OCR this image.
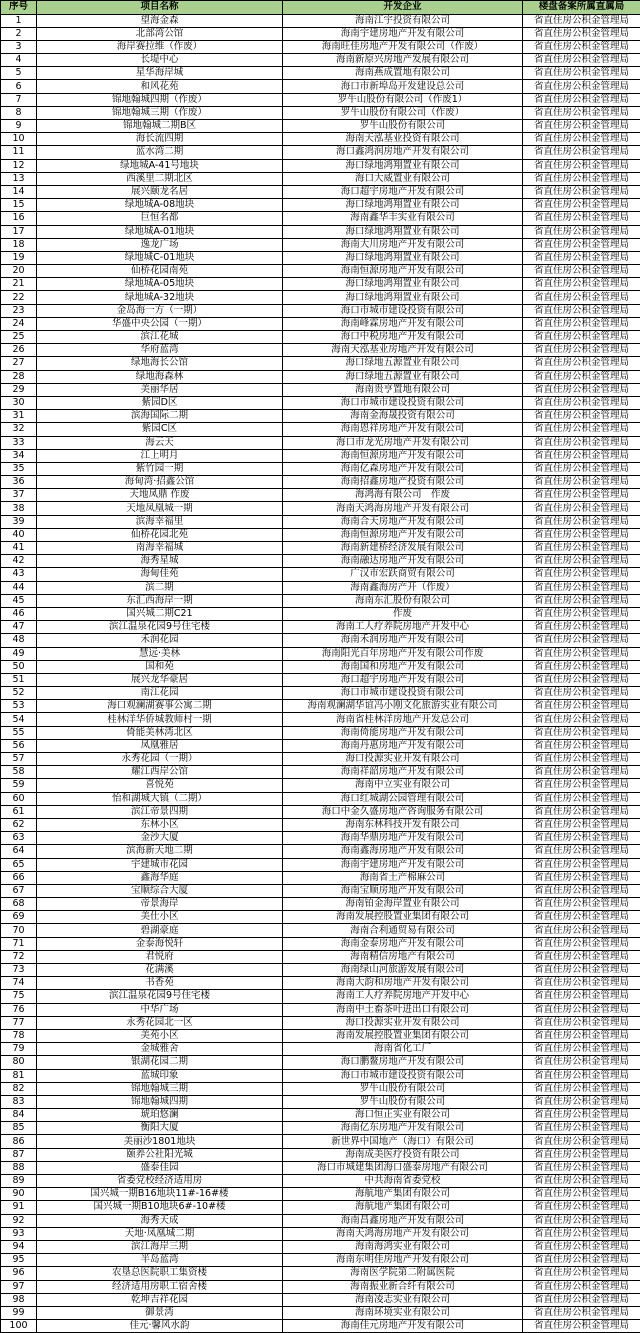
序号	项目名称	开发企业	楼盘备案所属直属局
1	望海金森	海南江宇投资有限公司	省直住房公积金管理局
2	北部湾公馆	海南宇建房地产开发有限公司	省直住房公积金管理局
3	海岸赛拉维（作废）	海南旺佳房地产开发有限公司（作废）	省直住房公积金管理局
4	长堤中心	海南新原兴房地产发展有限公司	省直住房公积金管理局
5	星华海岸城	海南燕成置地有限公司	省直住房公积金管理局
6	和风花苑	海口市新埠岛开发建设总公司	省直住房公积金管理局
7	锦地翰城四期（作废）	罗牛山股份有限公司（作废1）	省直住房公积金管理局
8	锦地翰城三期（作废）	罗牛山股份有限公司（作废）	省直住房公积金管理局
9	锦地翰城二期B区	罗牛山股份有限公司	省直住房公积金管理局
10	海长流四期	海南天泓基业投资有限公司	省直住房公积金管理局
11	蓝水湾二期	海口鑫鸿润房地产开发有限公司	省直住房公积金管理局
12	绿地城A-41号地块	海口绿地鸿翔置业有限公司	省直住房公积金管理局
13	西溪里二期北区	海口大威置业有限公司	省直住房公积金管理局
14	展兴颐龙名居	海口超宇房地产开发有限公司	省直住房公积金管理局
15	绿地城A-08地块	海口绿地鸿翔置业有限公司	省直住房公积金管理局
16	巨恒名都	海南鑫华丰实业有限公司	省直住房公积金管理局
17	绿地城A-01地块	海口绿地鸿翔置业有限公司	省直住房公积金管理局
18	逸龙广场	海南大川房地产开发有限公司	省直住房公积金管理局
19	绿地城C-01地块	海口绿地鸿翔置业有限公司	省直住房公积金管理局
20	仙桥花园南苑	海南恒源房地产开发有限公司	省直住房公积金管理局
21	绿地城A-05地块	海口绿地鸿翔置业有限公司	省直住房公积金管理局
22	绿地城A-32地块	海口绿地鸿翔置业有限公司	省直住房公积金管理局
23	金岛海一方（一期）	海口市城市建设投资有限公司	省直住房公积金管理局
24	华盛中央公园（一期）	海南峰霖房地产开发有限公司	省直住房公积金管理局
25	滨江花城	海口中税房地产开发有限公司	省直住房公积金管理局
26	华府蓝湾	海南天泓基业房地产开发有限公司	省直住房公积金管理局
27	绿地海长公馆	海口绿地五源置业有限公司	省直住房公积金管理局
28	绿地海森林	海口绿地五源置业有限公司	省直住房公积金管理局
29	美丽华居	海南贵亨置地有限公司	省直住房公积金管理局
30	紫园D区	海口市城市建设投资有限公司	省直住房公积金管理局
31	滨海国际二期	海南金海晟投资有限公司	省直住房公积金管理局
32	紫园C区	海南恩祥房地产开发有限公司	省直住房公积金管理局
33	海云天	海口市龙光房地产开发有限公司	省直住房公积金管理局
34	江上明月	海南恒源房地产开发有限公司	省直住房公积金管理局
35	紫竹园一期	海南亿森房地产开发有限公司	省直住房公积金管理局
36	海甸湾·招鑫公馆	海南招鑫房地产投资有限公司	省直住房公积金管理局
37	天地凤鼎 作废	海鸿海有限公司　作废	省直住房公积金管理局
38	天地凤凰城一期	海南天鸿海房地产开发有限公司	省直住房公积金管理局
39	滨海幸福里	海南合天房地产开发有限公司	省直住房公积金管理局
40	仙桥花园北苑	海南恒源房地产开发有限公司	省直住房公积金管理局
41	南海幸福城	海南新建桥经济发展有限公司	省直住房公积金管理局
42	海秀星城	海南融达房地产开发有限公司	省直住房公积金管理局
43	海甸佳苑	广汉市宏跃商贸有限公司	省直住房公积金管理局
44	滨二期	海南鑫海房产开（作废）	省直住房公积金管理局
45	东汇西海岸一期	海南东汇股份有限公司	省直住房公积金管理局
46	国兴城二期C21	作废	省直住房公积金管理局
47	滨江温泉花园9号住宅楼	海南工人疗养院房地产开发中心	省直住房公积金管理局
48	禾润花园	海南禾润房地产开发有限公司	省直住房公积金管理局
49	慧远·美林	海南阳光百年房地产开发有限公司作废	省直住房公积金管理局
50	国和苑	海南国和房地产开发有限公司	省直住房公积金管理局
51	展兴龙华豪居	海口超宇房地产开发有限公司	省直住房公积金管理局
52	南江花园	海口市城市建设投资有限公司	省直住房公积金管理局
53	海口观澜湖赛事公寓二期	海南观澜湖华谊冯小刚文化旅游实业有限公司	省直住房公积金管理局
54	桂林洋华侨城教师村一期	海南省桂林洋房地产开发总公司	省直住房公积金管理局
55	倚能美林湾北区	海南倚能房地产开发有限公司	省直住房公积金管理局
56	凤凰雅居	海南丹惠房地产开发有限公司	省直住房公积金管理局
57	永秀花园（一期）	海口投源实业开发有限公司	省直住房公积金管理局
58	耀江西岸公馆	海南祥韶房地产开发有限公司	省直住房公积金管理局
59	喜悦苑	海南中立实业有限公司	省直住房公积金管理局
60	怡和湖城大镇（二期）	海口红城湖公园管理有限公司	省直住房公积金管理局
61	滨江帝景四期	海口中金久盛房地产咨询服务有限公司	省直住房公积金管理局
62	东林小区	海南东林科技开发有限公司	省直住房公积金管理局
63	金沙大厦	海南华鼎房地产开发有限公司	省直住房公积金管理局
64	滨海新天地二期	海南鑫海房地产开发有限公司	省直住房公积金管理局
65	宇建城市花园	海南宇建房地产开发有限公司	省直住房公积金管理局
66	鑫海华庭	海南省土产棉麻公司	省直住房公积金管理局
67	宝顺综合大厦	海南宝顺房地产开发有限公司	省直住房公积金管理局
68	帝景海岸	海南铂金海岸置业有限公司	省直住房公积金管理局
69	美仕小区	海南发展控股置业集团有限公司	省直住房公积金管理局
70	碧湖豪庭	海南合利通贸易有限公司	省直住房公积金管理局
71	金泰海悦轩	海南金泰房地产开发有限公司	省直住房公积金管理局
72	君悦府	海南精信房地产有限公司	省直住房公积金管理局
73	花满溪	海南绿山河旅游发展有限公司	省直住房公积金管理局
74	书香苑	海南大韵和房地产开发有限公司	省直住房公积金管理局
75	滨江温泉花园9号住宅楼	海南工人疗养院房地产开发中心	省直住房公积金管理局
76	中华广场	海南中土畜茶叶进出口有限公司	省直住房公积金管理局
77	永秀花园北一区	海口投源实业开发有限公司	省直住房公积金管理局
78	美苑小区	海南发展控股置业集团有限公司	省直住房公积金管理局
79	金城雅舍	海南省化工厂	省直住房公积金管理局
80	银湖花园二期	海口鹏鳌房地产开发有限公司	省直住房公积金管理局
81	蓝城印象	海口市城市建设投资有限公司	省直住房公积金管理局
82	锦地翰城三期	罗牛山股份有限公司	省直住房公积金管理局
83	锦地翰城四期	罗牛山股份有限公司	省直住房公积金管理局
84	琥珀悠澜	海口恒正实业有限公司	省直住房公积金管理局
85	衡阳大厦	海南亿东房地产开发有限公司	省直住房公积金管理局
86	美丽沙1801地块	新世界中国地产（海口）有限公司	省直住房公积金管理局
87	颐养公社阳光城	海南成美医疗投资有限公司	省直住房公积金管理局
88	盛泰佳园	海口市城建集团海口盛泰房地产有限公司	省直住房公积金管理局
89	省委党校经济适用房	中共海南省委党校	省直住房公积金管理局
90	国兴城一期B16地块11#-16#楼	海航地产集团有限公司	省直住房公积金管理局
91	国兴城一期B10地块6#-10#楼	海航地产集团有限公司	省直住房公积金管理局
92	海秀天成	海南昌鑫房地产开发有限公司	省直住房公积金管理局
93	天地·凤凰城二期	海南天鸿海房地产开发有限公司	省直住房公积金管理局
94	滨江海岸三期	海南海鸿实业有限公司	省直住房公积金管理局
95	半岛蓝湾	海南东明佳房地产开发有限公司	省直住房公积金管理局
96	农垦总医院职工集资楼	海南医学院第二附属医院	省直住房公积金管理局
97	经济适用房职工宿舍楼	海南振业新合纤有限公司	省直住房公积金管理局
98	乾坤吉祥花园	海南凌志实业有限公司	省直住房公积金管理局
99	御景湾	海南环境实业有限公司	省直住房公积金管理局
100	佳元·馨风水韵	海南佳元房地产开发有限公司	省直住房公积金管理局
